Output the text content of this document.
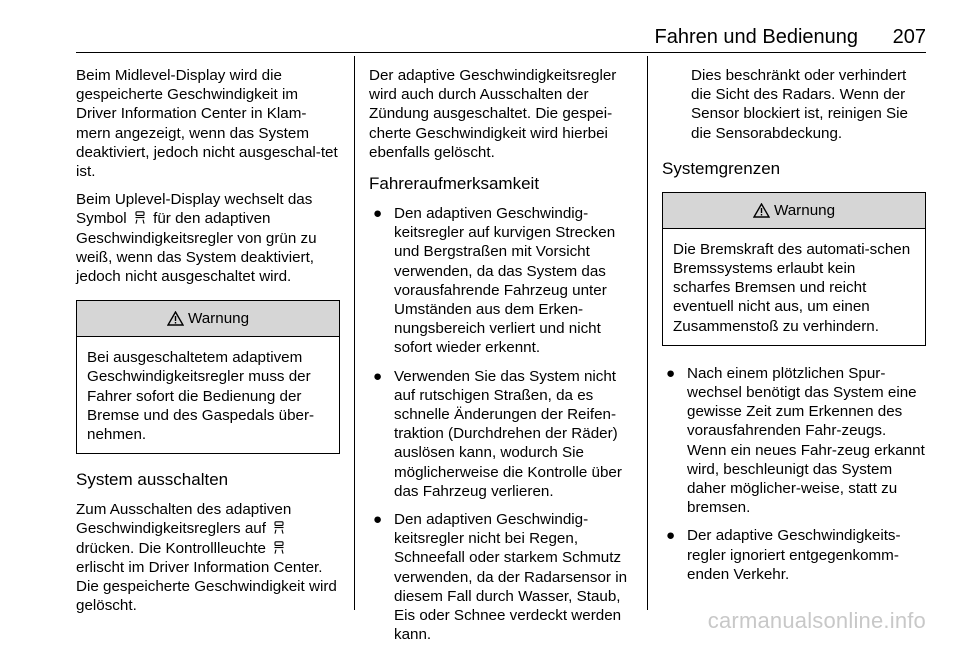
Fahren und Bedienung 207

Beim Midlevel-Display wird die gespeicherte Geschwindigkeit im Driver Information Center in Klam-mern angezeigt, wenn das System deaktiviert, jedoch nicht ausgeschal-tet ist.

Beim Uplevel-Display wechselt das Symbol für den adaptiven Geschwindigkeitsregler von grün zu weiß, wenn das System deaktiviert, jedoch nicht ausgeschaltet wird.

Warnung
Bei ausgeschaltetem adaptivem Geschwindigkeitsregler muss der Fahrer sofort die Bedienung der Bremse und des Gaspedals über-nehmen.
System ausschalten

Zum Ausschalten des adaptiven Geschwindigkeitsreglers auf  drücken. Die Kontrollleuchte  erlischt im Driver Information Center. Die gespeicherte Geschwindigkeit wird gelöscht.

Der adaptive Geschwindigkeitsregler wird auch durch Ausschalten der Zündung ausgeschaltet. Die gespei-cherte Geschwindigkeit wird hierbei ebenfalls gelöscht.

Fahreraufmerksamkeit
● Den adaptiven Geschwindig-keitsregler auf kurvigen Strecken und Bergstraßen mit Vorsicht verwenden, da das System das vorausfahrende Fahrzeug unter Umständen aus dem Erken-nungsbereich verliert und nicht sofort wieder erkennt.
● Verwenden Sie das System nicht auf rutschigen Straßen, da es schnelle Änderungen der Reifen-traktion (Durchdrehen der Räder) auslösen kann, wodurch Sie möglicherweise die Kontrolle über das Fahrzeug verlieren.
● Den adaptiven Geschwindig-keitsregler nicht bei Regen, Schneefall oder starkem Schmutz verwenden, da der Radarsensor in diesem Fall durch Wasser, Staub, Eis oder Schnee verdeckt werden kann.

Dies beschränkt oder verhindert die Sicht des Radars. Wenn der Sensor blockiert ist, reinigen Sie die Sensorabdeckung.

Systemgrenzen
Warnung
Die Bremskraft des automati-schen Bremssystems erlaubt kein scharfes Bremsen und reicht eventuell nicht aus, um einen Zusammenstoß zu verhindern.
● Nach einem plötzlichen Spur-wechsel benötigt das System eine gewisse Zeit zum Erkennen des vorausfahrenden Fahr-zeugs. Wenn ein neues Fahr-zeug erkannt wird, beschleunigt das System daher möglicher-weise, statt zu bremsen.
● Der adaptive Geschwindigkeits-regler ignoriert entgegenkomm-enden Verkehr.
carmanualsonline.info
